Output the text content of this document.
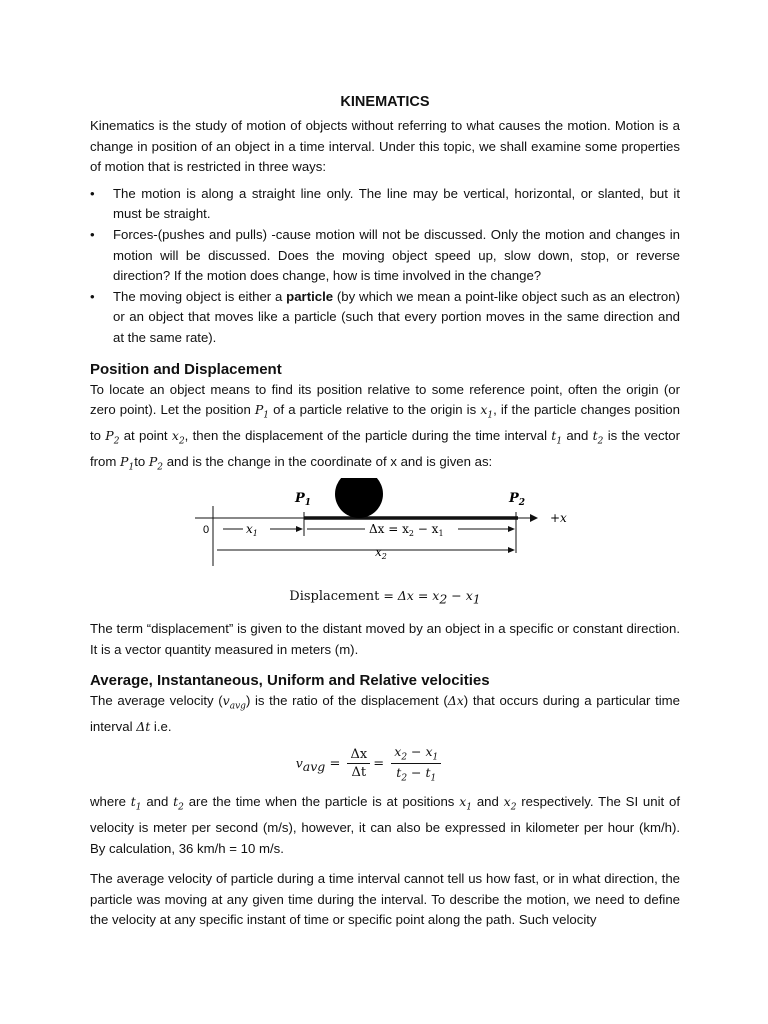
KINEMATICS

Kinematics is the study of motion of objects without referring to what causes the motion. Motion is a change in position of an object in a time interval. Under this topic, we shall examine some properties of motion that is restricted in three ways:

• The motion is along a straight line only. The line may be vertical, horizontal, or slanted, but it must be straight.
• Forces-(pushes and pulls) -cause motion will not be discussed. Only the motion and changes in motion will be discussed. Does the moving object speed up, slow down, stop, or reverse direction? If the motion does change, how is time involved in the change?
• The moving object is either a particle (by which we mean a point-like object such as an electron) or an object that moves like a particle (such that every portion moves in the same direction and at the same rate).
Position and Displacement

To locate an object means to find its position relative to some reference point, often the origin (or zero point). Let the position $P_1$ of a particle relative to the origin is $x_1$, if the particle changes position to $P_2$ at point $x_2$, then the displacement of the particle during the time interval $t_1$ and $t_2$ is the vector from $P_1to$ $P_2$ and is the change in the coordinate of x and is given as:

$P_1$	$P_2$
+x
0	$x_1$	$\Delta x = x_2 - x_1$
$x_2$
Displacement = $\Delta x = x_2 - x_1$

The term “displacement” is given to the distant moved by an object in a specific or constant direction. It is a vector quantity measured in meters (m).

Average, Instantaneous, Uniform and Relative velocities

The average velocity $(v_{avg})$ is the ratio of the displacement (Δx) that occurs during a particular time interval Δt i.e.

$v_{avg} = \frac{\Delta x}{\Delta t} = \frac{x_2 - x_1}{t_2 - t_1}$

where $t_1$ and $t_2$ are the time when the particle is at positions $x_1$ and $x_2$ respectively. The SI unit of velocity is meter per second (m/s), however, it can also be expressed in kilometer per hour (km/h). By calculation, 36 km/h = 10 m/s.

The average velocity of particle during a time interval cannot tell us how fast, or in what direction, the particle was moving at any given time during the interval. To describe the motion, we need to define the velocity at any specific instant of time or specific point along the path. Such velocity
